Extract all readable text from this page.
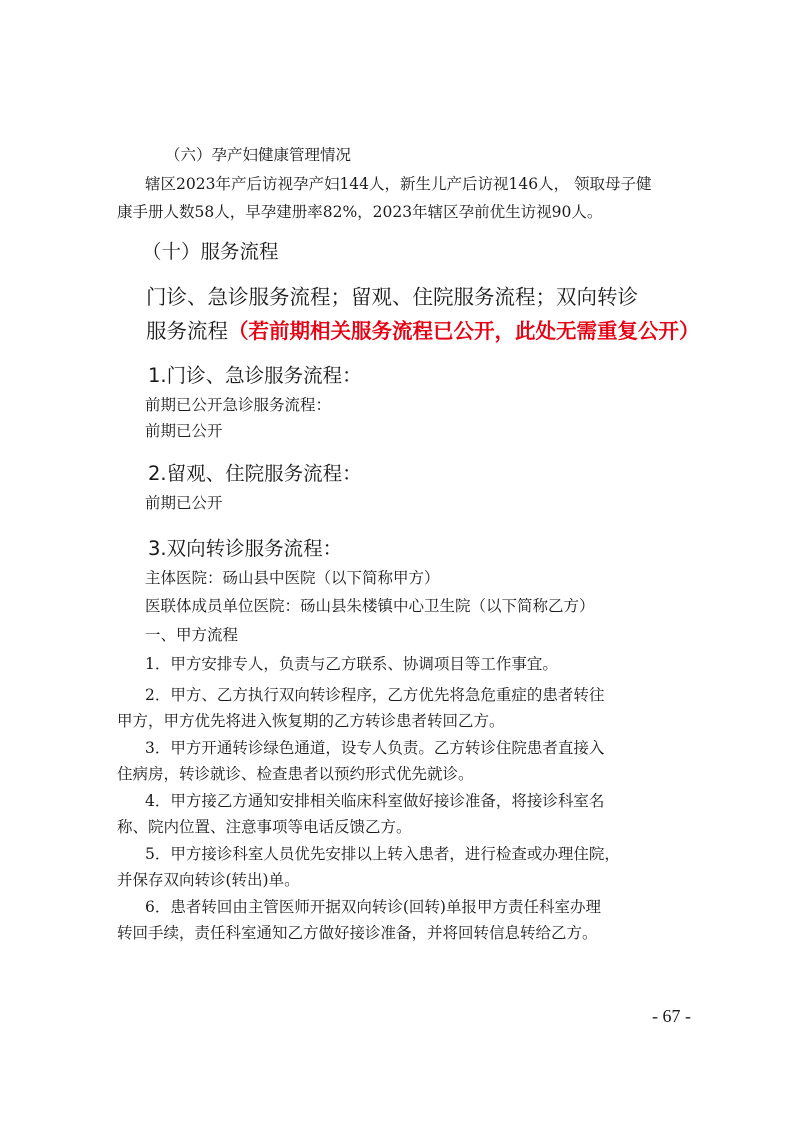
（六）孕产妇健康管理情况
辖区2023年产后访视孕产妇144人，新生儿产后访视146人， 领取母子健
康手册人数58人，早孕建册率82%，2023年辖区孕前优生访视90人。
（十）服务流程
门诊、急诊服务流程；留观、住院服务流程；双向转诊
服务流程（若前期相关服务流程已公开，此处无需重复公开）
1.门诊、急诊服务流程：
前期已公开急诊服务流程：
前期已公开
2.留观、住院服务流程：
前期已公开
3.双向转诊服务流程：
主体医院：砀山县中医院（以下简称甲方）
医联体成员单位医院：砀山县朱楼镇中心卫生院（以下简称乙方）
一、甲方流程
1．甲方安排专人，负责与乙方联系、协调项目等工作事宜。
2．甲方、乙方执行双向转诊程序，乙方优先将急危重症的患者转往
甲方，甲方优先将进入恢复期的乙方转诊患者转回乙方。
3．甲方开通转诊绿色通道，设专人负责。乙方转诊住院患者直接入
住病房，转诊就诊、检查患者以预约形式优先就诊。
4．甲方接乙方通知安排相关临床科室做好接诊准备，将接诊科室名
称、院内位置、注意事项等电话反馈乙方。
5．甲方接诊科室人员优先安排以上转入患者，进行检查或办理住院，
并保存双向转诊(转出)单。
6．患者转回由主管医师开据双向转诊(回转)单报甲方责任科室办理
转回手续，责任科室通知乙方做好接诊准备，并将回转信息转给乙方。
- 67 -
